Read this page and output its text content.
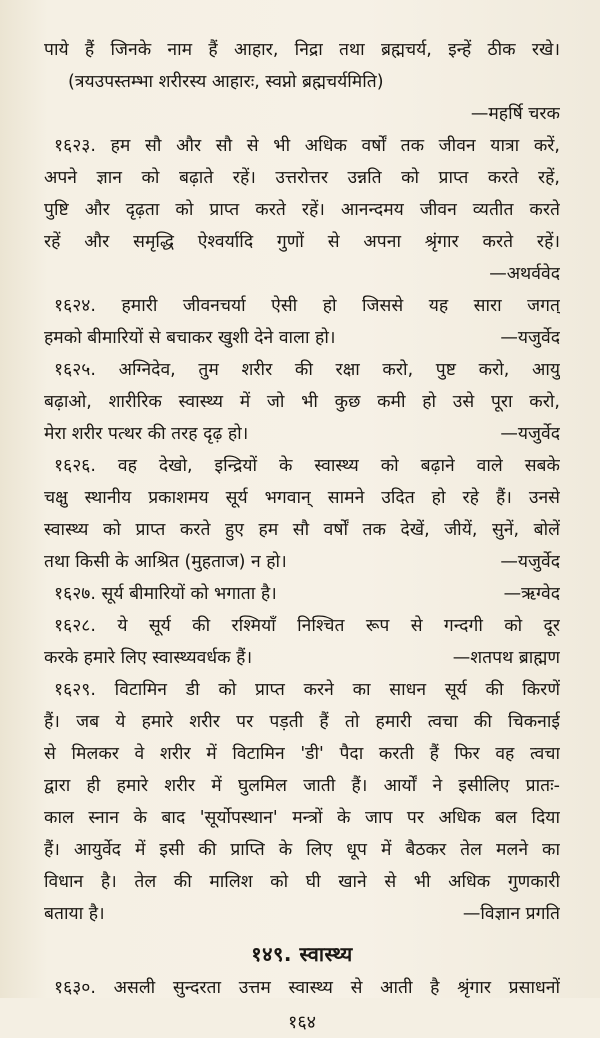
पाये हैं जिनके नाम हैं आहार, निद्रा तथा ब्रह्मचर्य, इन्हें ठीक रखे।
(त्रयउपस्तम्भा शरीरस्य आहारः, स्वप्नो ब्रह्मचर्यमिति)
—महर्षि चरक
१६२३. हम सौ और सौ से भी अधिक वर्षों तक जीवन यात्रा करें,
अपने ज्ञान को बढ़ाते रहें। उत्तरोत्तर उन्नति को प्राप्त करते रहें,
पुष्टि और दृढ़ता को प्राप्त करते रहें। आनन्दमय जीवन व्यतीत करते
रहें और समृद्धि ऐश्वर्यादि गुणों से अपना श्रृंगार करते रहें।
—अथर्ववेद
१६२४. हमारी जीवनचर्या ऐसी हो जिससे यह सारा जगत्
हमको बीमारियों से बचाकर खुशी देने वाला हो।	—यजुर्वेद
१६२५. अग्निदेव, तुम शरीर की रक्षा करो, पुष्ट करो, आयु
बढ़ाओ, शारीरिक स्वास्थ्य में जो भी कुछ कमी हो उसे पूरा करो,
मेरा शरीर पत्थर की तरह दृढ़ हो।	—यजुर्वेद
१६२६. वह देखो, इन्द्रियों के स्वास्थ्य को बढ़ाने वाले सबके
चक्षु स्थानीय प्रकाशमय सूर्य भगवान् सामने उदित हो रहे हैं। उनसे
स्वास्थ्य को प्राप्त करते हुए हम सौ वर्षों तक देखें, जीयें, सुनें, बोलें
तथा किसी के आश्रित (मुहताज) न हो।	—यजुर्वेद
१६२७. सूर्य बीमारियों को भगाता है।	—ऋग्वेद
१६२८. ये सूर्य की रश्मियाँ निश्चित रूप से गन्दगी को दूर
करके हमारे लिए स्वास्थ्यवर्धक हैं।	—शतपथ ब्राह्मण
१६२९. विटामिन डी को प्राप्त करने का साधन सूर्य की किरणें
हैं। जब ये हमारे शरीर पर पड़ती हैं तो हमारी त्वचा की चिकनाई
से मिलकर वे शरीर में विटामिन 'डी' पैदा करती हैं फिर वह त्वचा
द्वारा ही हमारे शरीर में घुलमिल जाती हैं। आर्यों ने इसीलिए प्रातः-
काल स्नान के बाद 'सूर्योपस्थान' मन्त्रों के जाप पर अधिक बल दिया
हैं। आयुर्वेद में इसी की प्राप्ति के लिए धूप में बैठकर तेल मलने का
विधान है। तेल की मालिश को घी खाने से भी अधिक गुणकारी
बताया है।	—विज्ञान प्रगति
१४९. स्वास्थ्य
१६३०. असली सुन्दरता उत्तम स्वास्थ्य से आती है श्रृंगार प्रसाधनों
१६४
